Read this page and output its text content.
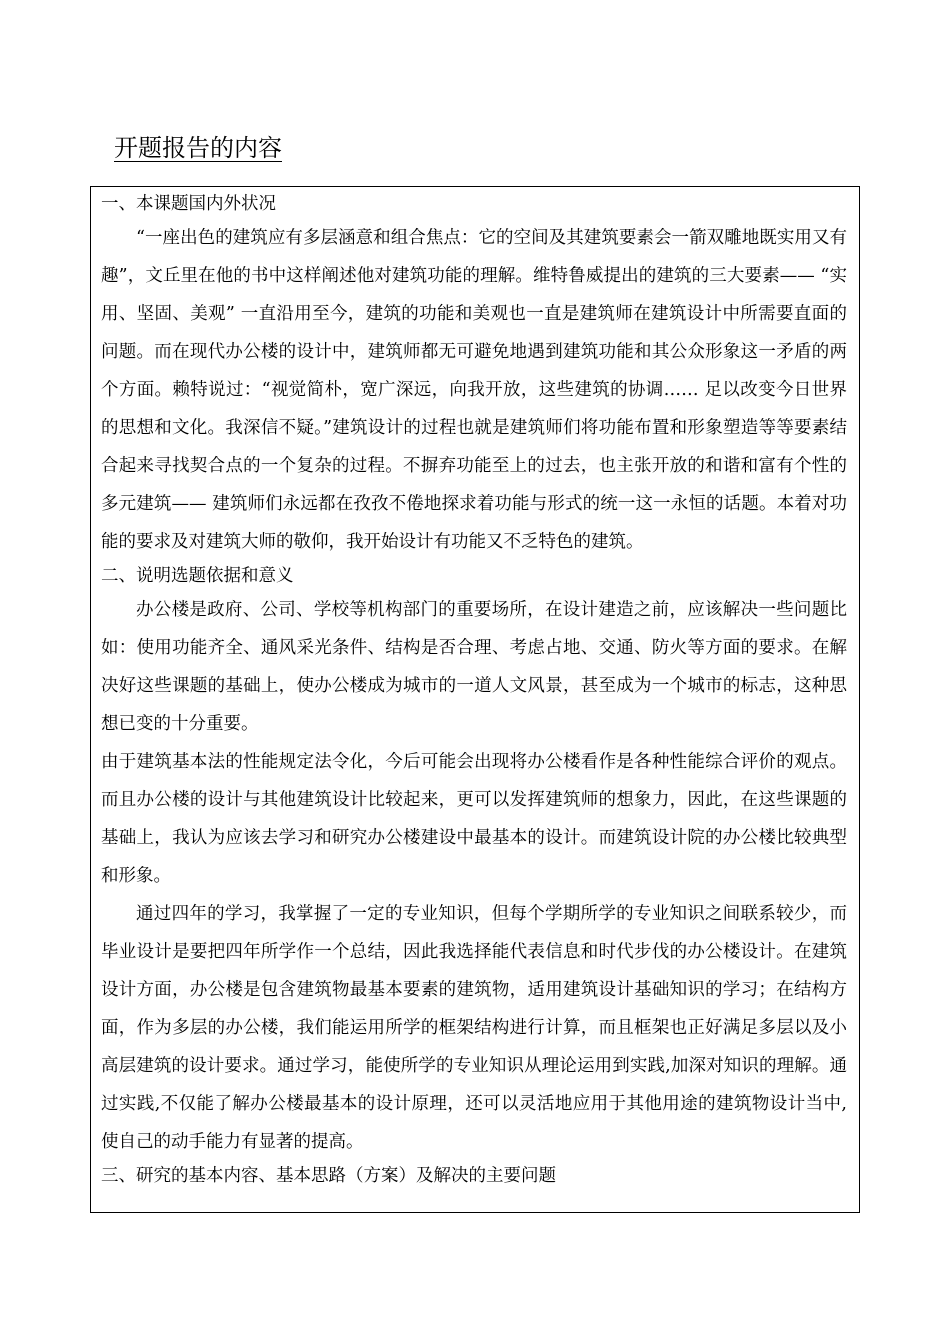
开题报告的内容

一、本课题国内外状况

“一座出色的建筑应有多层涵意和组合焦点：它的空间及其建筑要素会一箭双雕地既实用又有趣”，文丘里在他的书中这样阐述他对建筑功能的理解。维特鲁威提出的建筑的三大要素—— “实用、坚固、美观” 一直沿用至今，建筑的功能和美观也一直是建筑师在建筑设计中所需要直面的问题。而在现代办公楼的设计中，建筑师都无可避免地遇到建筑功能和其公众形象这一矛盾的两个方面。赖特说过：“视觉简朴，宽广深远，向我开放，这些建筑的协调…… 足以改变今日世界的思想和文化。我深信不疑。”建筑设计的过程也就是建筑师们将功能布置和形象塑造等等要素结合起来寻找契合点的一个复杂的过程。不摒弃功能至上的过去，也主张开放的和谐和富有个性的多元建筑—— 建筑师们永远都在孜孜不倦地探求着功能与形式的统一这一永恒的话题。本着对功能的要求及对建筑大师的敬仰，我开始设计有功能又不乏特色的建筑。

二、说明选题依据和意义

办公楼是政府、公司、学校等机构部门的重要场所，在设计建造之前，应该解决一些问题比如：使用功能齐全、通风采光条件、结构是否合理、考虑占地、交通、防火等方面的要求。在解决好这些课题的基础上，使办公楼成为城市的一道人文风景，甚至成为一个城市的标志，这种思想已变的十分重要。

由于建筑基本法的性能规定法令化，今后可能会出现将办公楼看作是各种性能综合评价的观点。而且办公楼的设计与其他建筑设计比较起来，更可以发挥建筑师的想象力，因此，在这些课题的基础上，我认为应该去学习和研究办公楼建设中最基本的设计。而建筑设计院的办公楼比较典型和形象。

通过四年的学习，我掌握了一定的专业知识，但每个学期所学的专业知识之间联系较少，而毕业设计是要把四年所学作一个总结，因此我选择能代表信息和时代步伐的办公楼设计。在建筑设计方面，办公楼是包含建筑物最基本要素的建筑物，适用建筑设计基础知识的学习；在结构方面，作为多层的办公楼，我们能运用所学的框架结构进行计算，而且框架也正好满足多层以及小高层建筑的设计要求。通过学习，能使所学的专业知识从理论运用到实践,加深对知识的理解。通过实践,不仅能了解办公楼最基本的设计原理，还可以灵活地应用于其他用途的建筑物设计当中,使自己的动手能力有显著的提高。

三、研究的基本内容、基本思路（方案）及解决的主要问题
